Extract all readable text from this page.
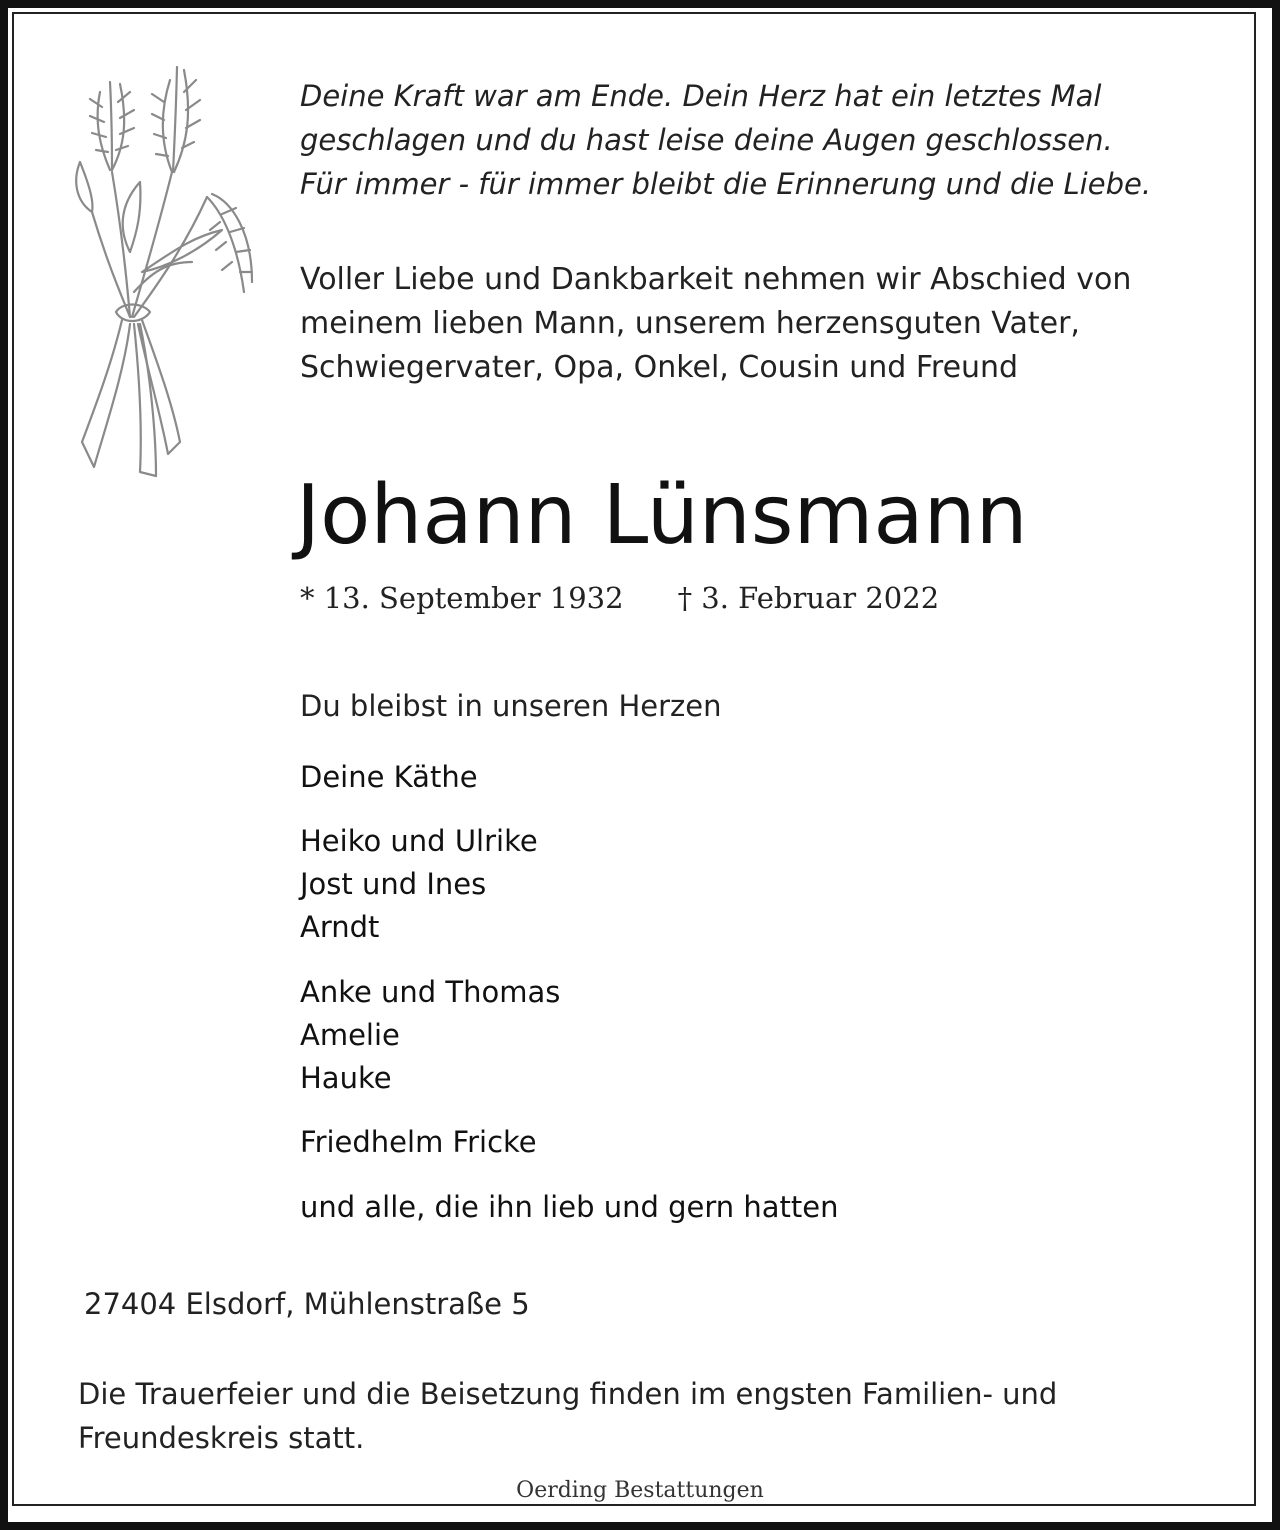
Deine Kraft war am Ende. Dein Herz hat ein letztes Mal
geschlagen und du hast leise deine Augen geschlossen.
Für immer - für immer bleibt die Erinnerung und die Liebe.
Voller Liebe und Dankbarkeit nehmen wir Abschied von
meinem lieben Mann, unserem herzensguten Vater,
Schwiegervater, Opa, Onkel, Cousin und Freund
Johann Lünsmann
* 13. September 1932 † 3. Februar 2022
Du bleibst in unseren Herzen
Deine Käthe
Heiko und Ulrike
Jost und Ines
Arndt
Anke und Thomas
Amelie
Hauke
Friedhelm Fricke
und alle, die ihn lieb und gern hatten
27404 Elsdorf, Mühlenstraße 5
Die Trauerfeier und die Beisetzung finden im engsten Familien- und
Freundeskreis statt.
Oerding Bestattungen
